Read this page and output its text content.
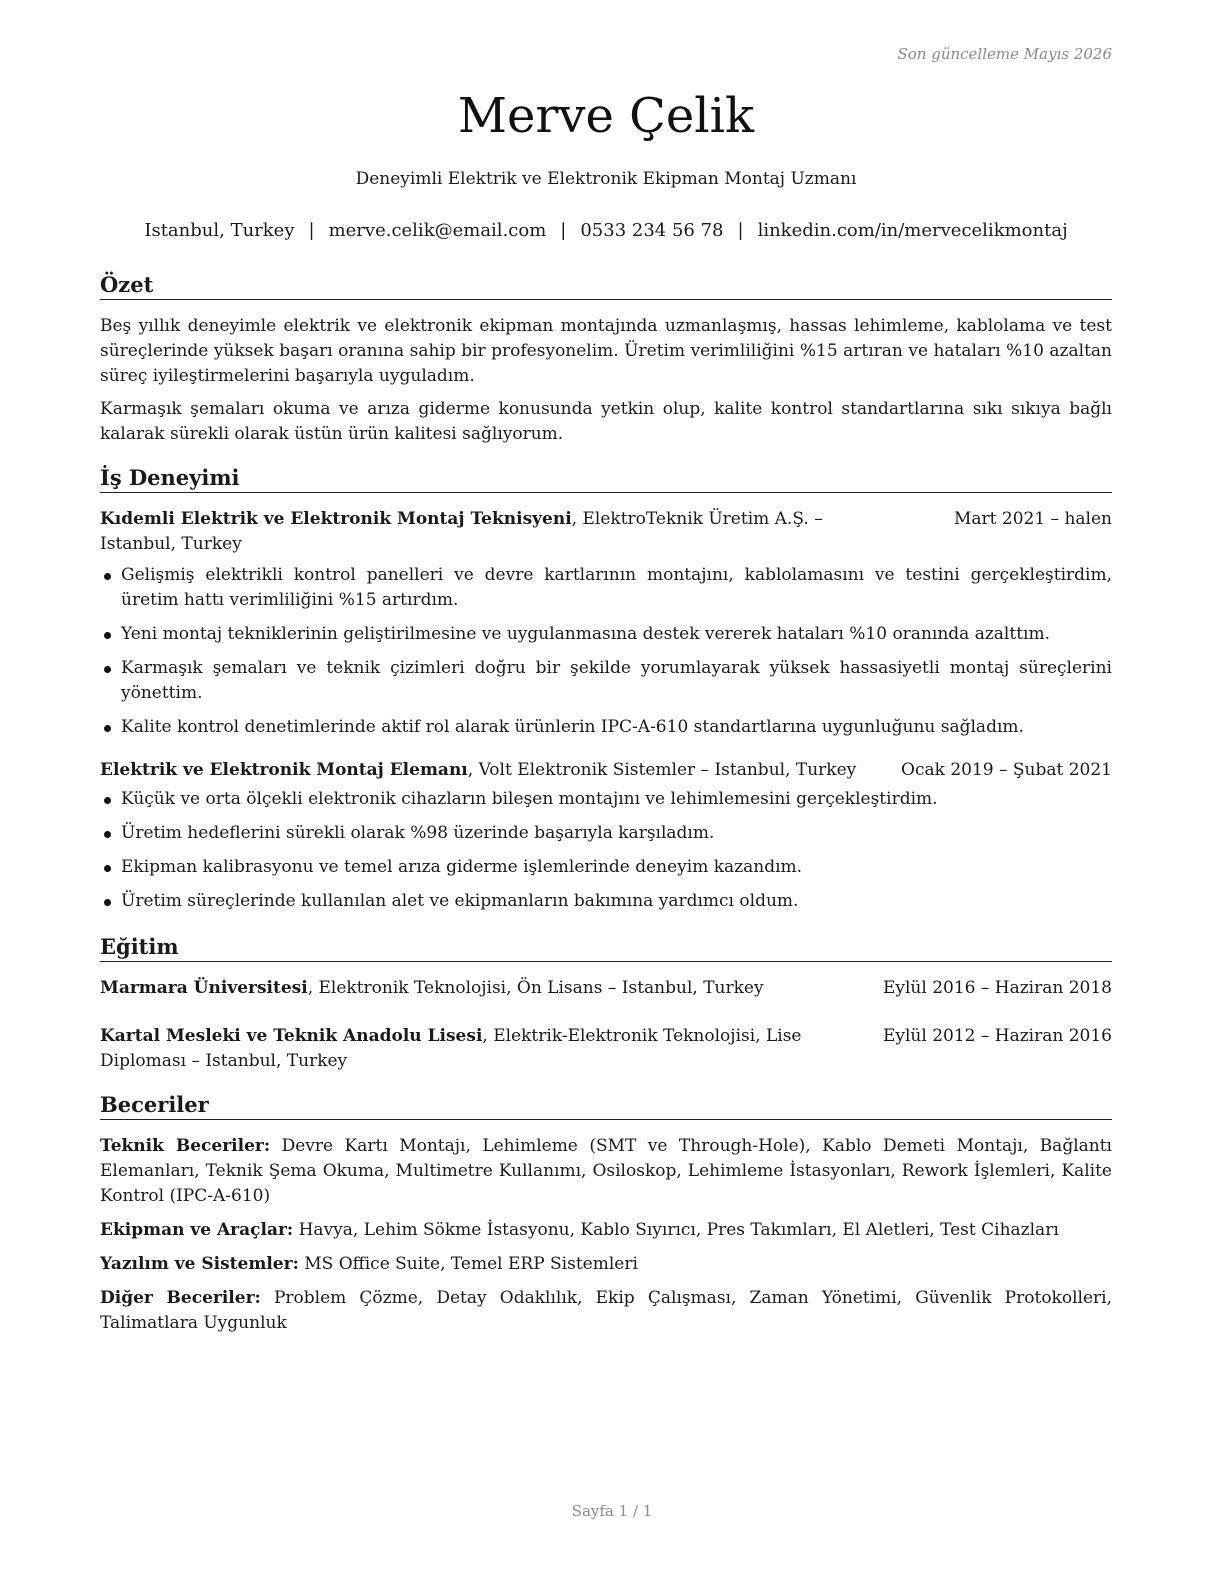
Son güncelleme Mayıs 2026
Merve Çelik
Deneyimli Elektrik ve Elektronik Ekipman Montaj Uzmanı
Istanbul, Turkey | merve.celik@email.com | 0533 234 56 78 | linkedin.com/in/mervecelikmontaj
Özet

Beş yıllık deneyimle elektrik ve elektronik ekipman montajında uzmanlaşmış, hassas lehimleme, kablolama ve test süreçlerinde yüksek başarı oranına sahip bir profesyonelim. Üretim verimliliğini %15 artıran ve hataları %10 azaltan süreç iyileştirmelerini başarıyla uyguladım.

Karmaşık şemaları okuma ve arıza giderme konusunda yetkin olup, kalite kontrol standartlarına sıkı sıkıya bağlı kalarak sürekli olarak üstün ürün kalitesi sağlıyorum.

İş Deneyimi
Kıdemli Elektrik ve Elektronik Montaj Teknisyeni, ElektroTeknik Üretim A.Ş. – Istanbul, Turkey
Mart 2021 – halen
Gelişmiş elektrikli kontrol panelleri ve devre kartlarının montajını, kablolamasını ve testini gerçekleştirdim, üretim hattı verimliliğini %15 artırdım.
Yeni montaj tekniklerinin geliştirilmesine ve uygulanmasına destek vererek hataları %10 oranında azalttım.
Karmaşık şemaları ve teknik çizimleri doğru bir şekilde yorumlayarak yüksek hassasiyetli montaj süreçlerini yönettim.
Kalite kontrol denetimlerinde aktif rol alarak ürünlerin IPC-A-610 standartlarına uygunluğunu sağladım.
Elektrik ve Elektronik Montaj Elemanı, Volt Elektronik Sistemler – Istanbul, Turkey	Ocak 2019 – Şubat 2021
Küçük ve orta ölçekli elektronik cihazların bileşen montajını ve lehimlemesini gerçekleştirdim.
Üretim hedeflerini sürekli olarak %98 üzerinde başarıyla karşıladım.
Ekipman kalibrasyonu ve temel arıza giderme işlemlerinde deneyim kazandım.
Üretim süreçlerinde kullanılan alet ve ekipmanların bakımına yardımcı oldum.
Eğitim
Marmara Üniversitesi, Elektronik Teknolojisi, Ön Lisans – Istanbul, Turkey	Eylül 2016 – Haziran 2018
Kartal Mesleki ve Teknik Anadolu Lisesi, Elektrik-Elektronik Teknolojisi, Lise Diploması – Istanbul, Turkey
Eylül 2012 – Haziran 2016
Beceriler
Teknik Beceriler: Devre Kartı Montajı, Lehimleme (SMT ve Through-Hole), Kablo Demeti Montajı, Bağlantı Elemanları, Teknik Şema Okuma, Multimetre Kullanımı, Osiloskop, Lehimleme İstasyonları, Rework İşlemleri, Kalite Kontrol (IPC-A-610)
Ekipman ve Araçlar: Havya, Lehim Sökme İstasyonu, Kablo Sıyırıcı, Pres Takımları, El Aletleri, Test Cihazları
Yazılım ve Sistemler: MS Office Suite, Temel ERP Sistemleri
Diğer Beceriler: Problem Çözme, Detay Odaklılık, Ekip Çalışması, Zaman Yönetimi, Güvenlik Protokolleri, Talimatlara Uygunluk
Sayfa 1 / 1
